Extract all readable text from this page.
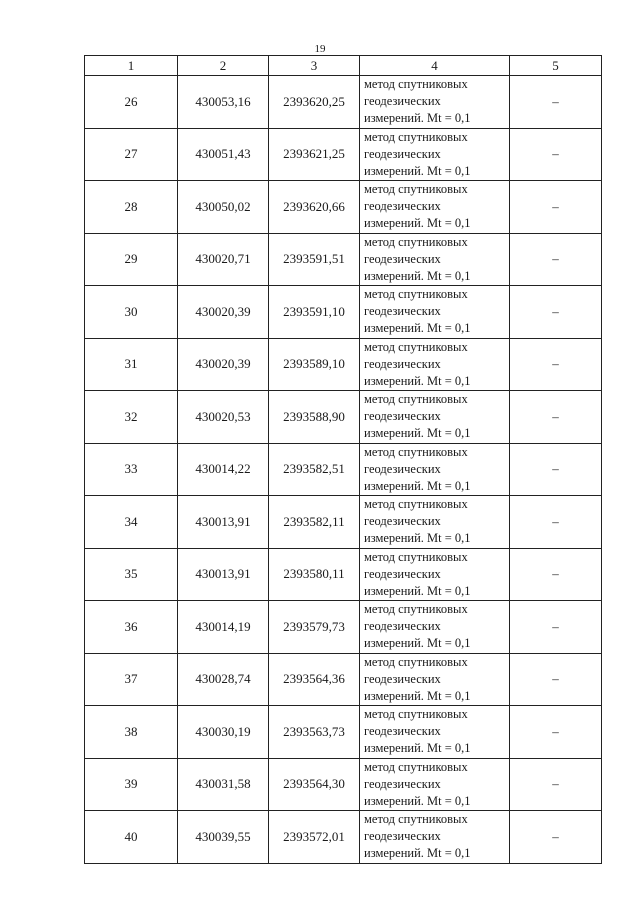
19
1	2	3	4	5
26	430053,16	2393620,25	метод спутниковых
геодезических
измерений. Mt = 0,1	–
27	430051,43	2393621,25	метод спутниковых
геодезических
измерений. Mt = 0,1	–
28	430050,02	2393620,66	метод спутниковых
геодезических
измерений. Mt = 0,1	–
29	430020,71	2393591,51	метод спутниковых
геодезических
измерений. Mt = 0,1	–
30	430020,39	2393591,10	метод спутниковых
геодезических
измерений. Mt = 0,1	–
31	430020,39	2393589,10	метод спутниковых
геодезических
измерений. Mt = 0,1	–
32	430020,53	2393588,90	метод спутниковых
геодезических
измерений. Mt = 0,1	–
33	430014,22	2393582,51	метод спутниковых
геодезических
измерений. Mt = 0,1	–
34	430013,91	2393582,11	метод спутниковых
геодезических
измерений. Mt = 0,1	–
35	430013,91	2393580,11	метод спутниковых
геодезических
измерений. Mt = 0,1	–
36	430014,19	2393579,73	метод спутниковых
геодезических
измерений. Mt = 0,1	–
37	430028,74	2393564,36	метод спутниковых
геодезических
измерений. Mt = 0,1	–
38	430030,19	2393563,73	метод спутниковых
геодезических
измерений. Mt = 0,1	–
39	430031,58	2393564,30	метод спутниковых
геодезических
измерений. Mt = 0,1	–
40	430039,55	2393572,01	метод спутниковых
геодезических
измерений. Mt = 0,1	–
